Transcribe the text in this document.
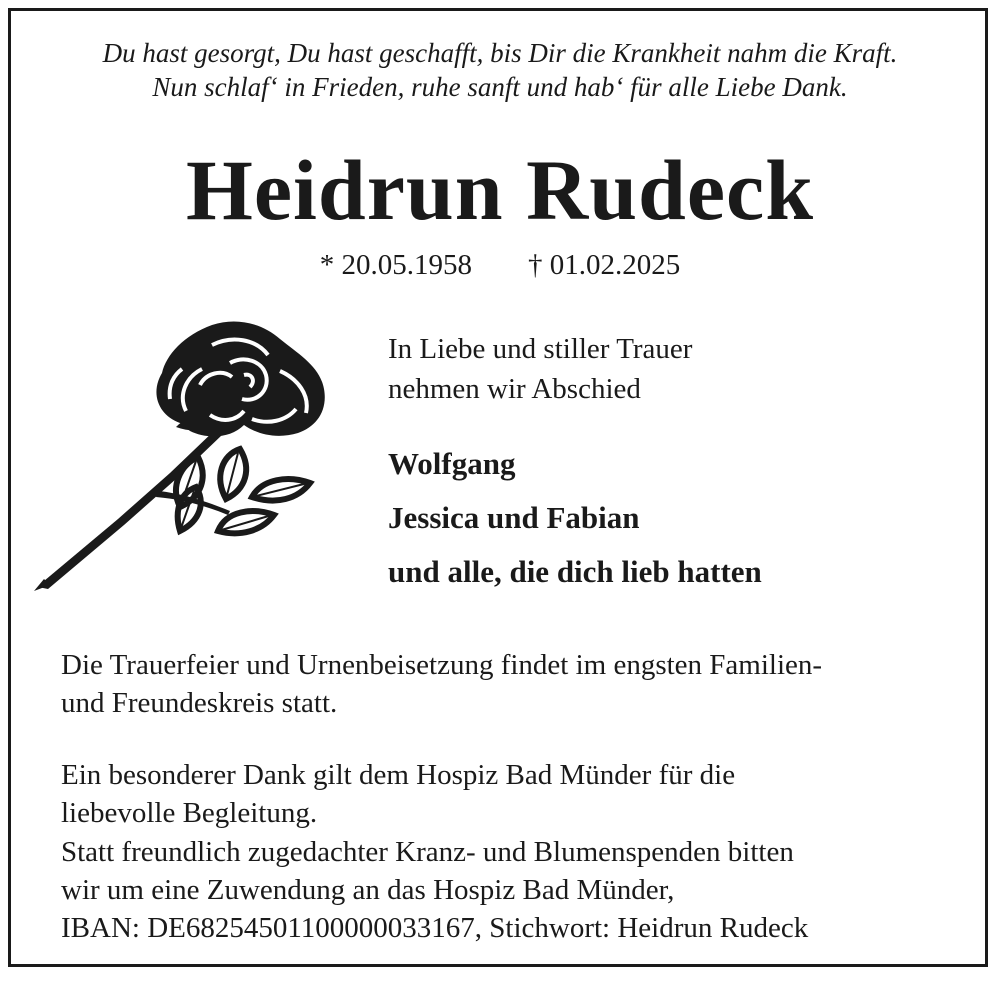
Du hast gesorgt, Du hast geschafft, bis Dir die Krankheit nahm die Kraft.
Nun schlaf‘ in Frieden, ruhe sanft und hab‘ für alle Liebe Dank.
Heidrun Rudeck
* 20.05.1958 † 01.02.2025
In Liebe und stiller Trauer
nehmen wir Abschied
Wolfgang
Jessica und Fabian
und alle, die dich lieb hatten
Die Trauerfeier und Urnenbeisetzung findet im engsten Familien-
und Freundeskreis statt.
Ein besonderer Dank gilt dem Hospiz Bad Münder für die
liebevolle Begleitung.
Statt freundlich zugedachter Kranz- und Blumenspenden bitten
wir um eine Zuwendung an das Hospiz Bad Münder,
IBAN: DE68254501100000033167, Stichwort: Heidrun Rudeck
